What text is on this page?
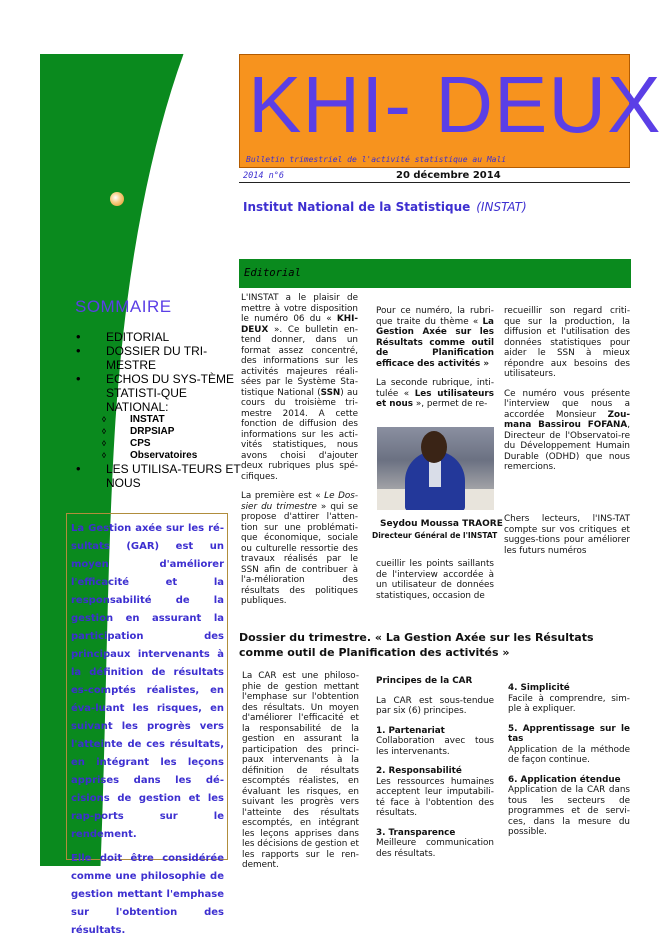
KHI- DEUX
Bulletin trimestriel de l'activité statistique au Mali
2014 n°6	20 décembre 2014
Institut National de la Statistique (INSTAT)
Editorial
SOMMAIRE
• EDITORIAL
• DOSSIER DU TRI-MESTRE
• ECHOS DU SYS-TÈME STATISTI-QUE NATIONAL:
◊ INSTAT
◊ DRPSIAP
◊ CPS
◊ Observatoires
• LES UTILISA-TEURS ET NOUS

La Gestion axée sur les ré-sultats (GAR) est un moyen d'améliorer l'efficacité et la responsabilité de la gestion en assurant la participation des principaux intervenants à la définition de résultats es-comptés réalistes, en éva-luant les risques, en suivant les progrès vers l'atteinte de ces résultats, en intégrant les leçons apprises dans les dé-cisions de gestion et les rap-ports sur le rendement.

Elle doit être considérée comme une philosophie de gestion mettant l'emphase sur l'obtention des résultats.

L'INSTAT a le plaisir de mettre à votre disposition le numéro 06 du « KHI-DEUX ». Ce bulletin en-tend donner, dans un format assez concentré, des informations sur les activités majeures réali-sées par le Système Sta-tistique National (SSN) au cours du troisième tri-mestre 2014. A cette fonction de diffusion des informations sur les acti-vités statistiques, nous avons choisi d'ajouter deux rubriques plus spé-cifiques.

La première est « Le Dos-sier du trimestre » qui se propose d'attirer l'atten-tion sur une problémati-que économique, sociale ou culturelle ressortie des travaux réalisés par le SSN afin de contribuer à l'a-mélioration des résultats des politiques publiques.

Pour ce numéro, la rubri-que traite du thème « La Gestion Axée sur les Résultats comme outil de Planification efficace des activités »

La seconde rubrique, inti-tulée « Les utilisateurs et nous », permet de re-

Seydou Moussa TRAORE
Directeur Général de l'INSTAT

cueillir les points saillants de l'interview accordée à un utilisateur de données statistiques, occasion de

recueillir son regard criti-que sur la production, la diffusion et l'utilisation des données statistiques pour aider le SSN à mieux répondre aux besoins des utilisateurs.

Ce numéro vous présente l'interview que nous a accordée Monsieur Zou-mana Bassirou FOFANA, Directeur de l'Observatoi-re du Développement Humain Durable (ODHD) que nous remercions.

Chers lecteurs, l'INS-TAT compte sur vos critiques et sugges-tions pour améliorer les futurs numéros

Dossier du trimestre. « La Gestion Axée sur les Résultats comme outil de Planification des activités »

La CAR est une philoso-phie de gestion mettant l'emphase sur l'obtention des résultats. Un moyen d'améliorer l'efficacité et la responsabilité de la gestion en assurant la participation des princi-paux intervenants à la définition de résultats escomptés réalistes, en évaluant les risques, en suivant les progrès vers l'atteinte des résultats escomptés, en intégrant les leçons apprises dans les décisions de gestion et les rapports sur le ren-dement.

Principes de la CAR

La CAR est sous-tendue par six (6) principes.

1. Partenariat
Collaboration avec tous les intervenants.

2. Responsabilité
Les ressources humaines acceptent leur imputabili-té face à l'obtention des résultats.

3. Transparence
Meilleure communication des résultats.

4. Simplicité
Facile à comprendre, sim-ple à expliquer.

5. Apprentissage sur le tas
Application de la méthode de façon continue.

6. Application étendue
Application de la CAR dans tous les secteurs de programmes et de servi-ces, dans la mesure du possible.
